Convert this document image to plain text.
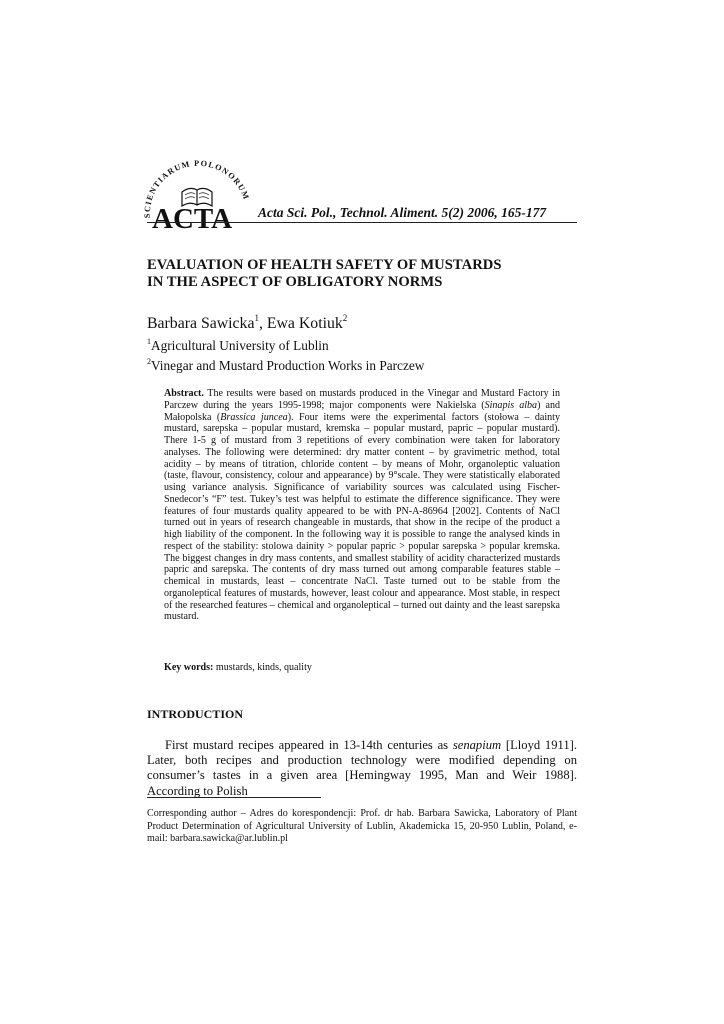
SCIENTIARUM POLONORUM
ACTA Acta Sci. Pol., Technol. Aliment. 5(2) 2006, 165-177
EVALUATION OF HEALTH SAFETY OF MUSTARDS
IN THE ASPECT OF OBLIGATORY NORMS
Barbara Sawicka$^1$, Ewa Kotiuk$^2$
$^1$Agricultural University of Lublin
$^2$Vinegar and Mustard Production Works in Parczew
Abstract. The results were based on mustards produced in the Vinegar and Mustard Factory in Parczew during the years 1995-1998; major components were Nakielska (Sinapis alba) and Małopolska (Brassica juncea). Four items were the experimental factors (stołowa – dainty mustard, sarepska – popular mustard, kremska – popular mustard, papric – popular mustard). There 1-5 g of mustard from 3 repetitions of every combination were taken for laboratory analyses. The following were determined: dry matter content – by gravimetric method, total acidity – by means of titration, chloride content – by means of Mohr, organoleptic valuation (taste, flavour, consistency, colour and appearance) by 9°scale. They were statistically elaborated using variance analysis. Significance of variability sources was calculated using Fischer-Snedecor’s “F” test. Tukey’s test was helpful to estimate the difference significance. They were features of four mustards quality appeared to be with PN-A-86964 [2002]. Contents of NaCl turned out in years of research changeable in mustards, that show in the recipe of the product a high liability of the component. In the following way it is possible to range the analysed kinds in respect of the stability: stolowa dainity > popular papric > popular sarepska > popular kremska. The biggest changes in dry mass contents, and smallest stability of acidity characterized mustards papric and sarepska. The contents of dry mass turned out among comparable features stable – chemical in mustards, least – concentrate NaCl. Taste turned out to be stable from the organoleptical features of mustards, however, least colour and appearance. Most stable, in respect of the researched features – chemical and organoleptical – turned out dainty and the least sarepska mustard.
Key words: mustards, kinds, quality
INTRODUCTION
First mustard recipes appeared in 13-14th centuries as senapium [Lloyd 1911]. Later, both recipes and production technology were modified depending on consumer’s tastes in a given area [Hemingway 1995, Man and Weir 1988]. According to Polish
Corresponding author – Adres do korespondencji: Prof. dr hab. Barbara Sawicka, Laboratory of Plant Product Determination of Agricultural University of Lublin, Akademicka 15, 20-950 Lublin, Poland, e-mail: barbara.sawicka@ar.lublin.pl
